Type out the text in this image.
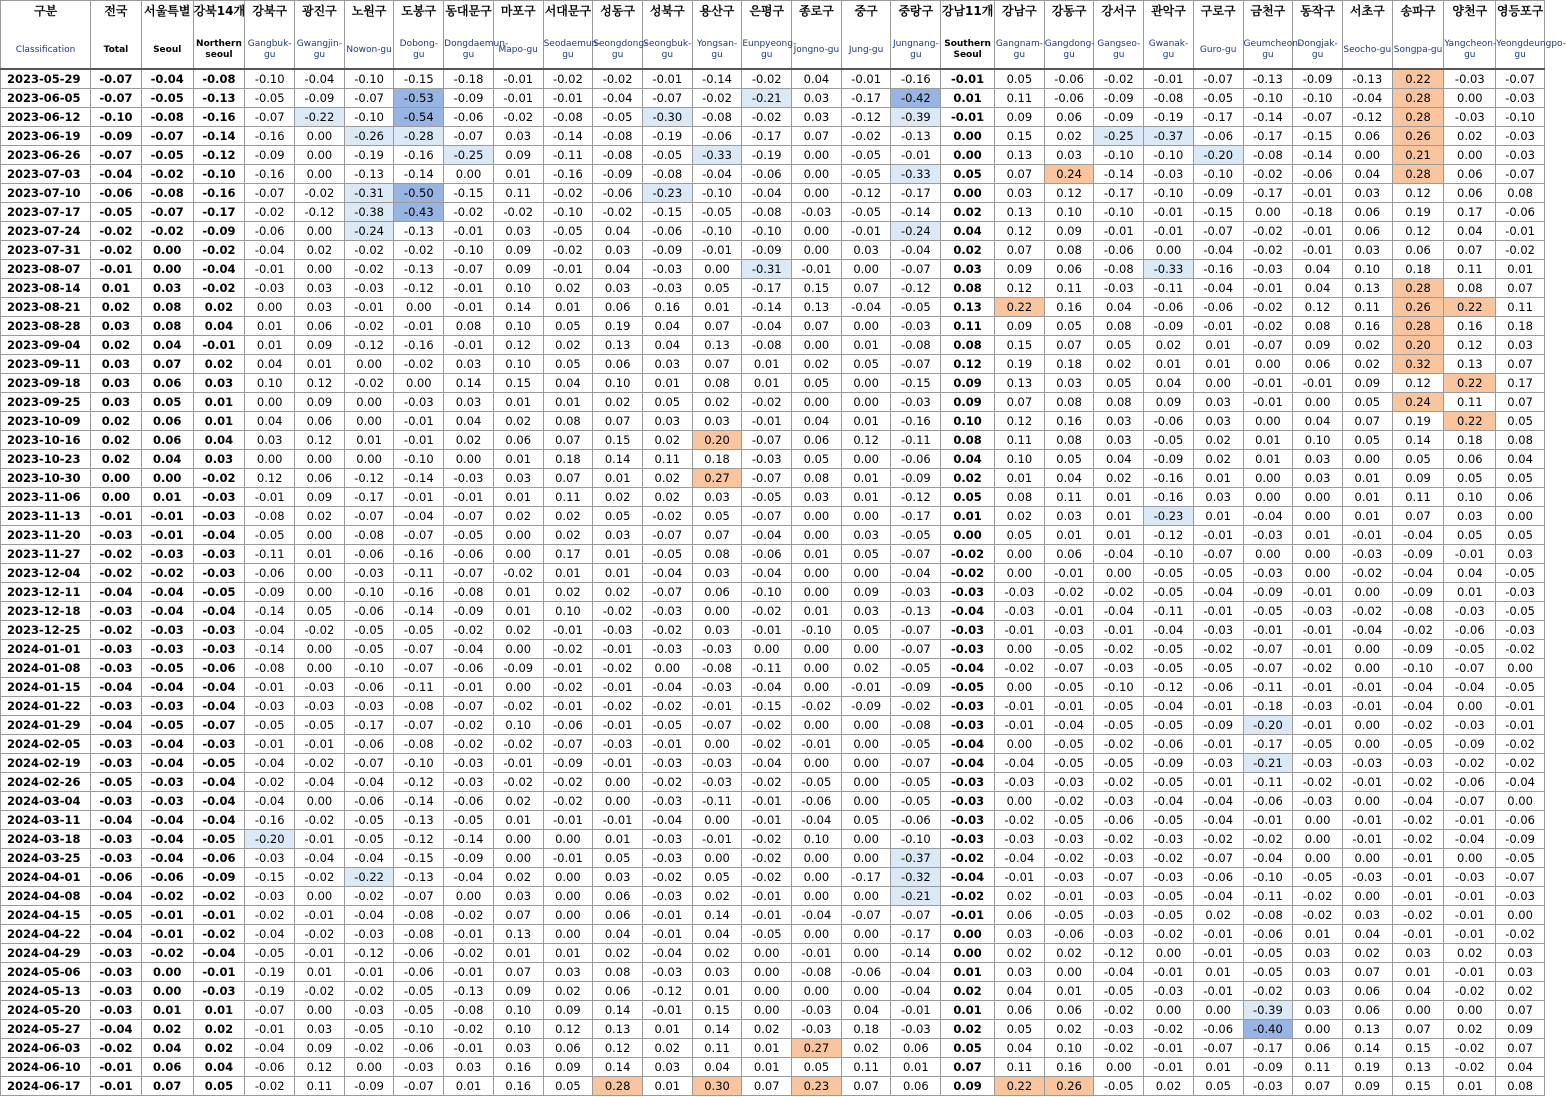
구분	전국	서울특별	강북14개	강북구	광진구	노원구	도봉구	동대문구	마포구	서대문구	성동구	성북구	용산구	은평구	종로구	중구	중랑구	강남11개	강남구	강동구	강서구	관악구	구로구	금천구	동작구	서초구	송파구	양천구	영등포구
Classification	Total	Seoul	Northern seoul	Gangbuk-gu	Gwangjin-gu	Nowon-gu	Dobong-gu	Dongdaemun-gu	Mapo-gu	Seodaemun-gu	Seongdong-gu	Seongbuk-gu	Yongsan-gu	Eunpyeong-gu	Jongno-gu	Jung-gu	Jungnang-gu	Southern Seoul	Gangnam-gu	Gangdong-gu	Gangseo-gu	Gwanak-gu	Guro-gu	Geumcheon-gu	Dongjak-gu	Seocho-gu	Songpa-gu	Yangcheon-gu	Yeongdeungpo-gu
2023-05-29	-0.07	-0.04	-0.08	-0.10	-0.04	-0.10	-0.15	-0.18	-0.01	-0.02	-0.02	-0.01	-0.14	-0.02	0.04	-0.01	-0.16	-0.01	0.05	-0.06	-0.02	-0.01	-0.07	-0.13	-0.09	-0.13	0.22	-0.03	-0.07
2023-06-05	-0.07	-0.05	-0.13	-0.05	-0.09	-0.07	-0.53	-0.09	-0.01	-0.01	-0.04	-0.07	-0.02	-0.21	0.03	-0.17	-0.42	0.01	0.11	-0.06	-0.09	-0.08	-0.05	-0.10	-0.10	-0.04	0.28	0.00	-0.03
2023-06-12	-0.10	-0.08	-0.16	-0.07	-0.22	-0.10	-0.54	-0.06	-0.02	-0.08	-0.05	-0.30	-0.08	-0.02	0.03	-0.12	-0.39	-0.01	0.09	0.06	-0.09	-0.19	-0.17	-0.14	-0.07	-0.12	0.28	-0.03	-0.10
2023-06-19	-0.09	-0.07	-0.14	-0.16	0.00	-0.26	-0.28	-0.07	0.03	-0.14	-0.08	-0.19	-0.06	-0.17	0.07	-0.02	-0.13	0.00	0.15	0.02	-0.25	-0.37	-0.06	-0.17	-0.15	0.06	0.26	0.02	-0.03
2023-06-26	-0.07	-0.05	-0.12	-0.09	0.00	-0.19	-0.16	-0.25	0.09	-0.11	-0.08	-0.05	-0.33	-0.19	0.00	-0.05	-0.01	0.00	0.13	0.03	-0.10	-0.10	-0.20	-0.08	-0.14	0.00	0.21	0.00	-0.03
2023-07-03	-0.04	-0.02	-0.10	-0.16	0.00	-0.13	-0.14	0.00	0.01	-0.16	-0.09	-0.08	-0.04	-0.06	0.00	-0.05	-0.33	0.05	0.07	0.24	-0.14	-0.03	-0.10	-0.02	-0.06	0.04	0.28	0.06	-0.07
2023-07-10	-0.06	-0.08	-0.16	-0.07	-0.02	-0.31	-0.50	-0.15	0.11	-0.02	-0.06	-0.23	-0.10	-0.04	0.00	-0.12	-0.17	0.00	0.03	0.12	-0.17	-0.10	-0.09	-0.17	-0.01	0.03	0.12	0.06	0.08
2023-07-17	-0.05	-0.07	-0.17	-0.02	-0.12	-0.38	-0.43	-0.02	-0.02	-0.10	-0.02	-0.15	-0.05	-0.08	-0.03	-0.05	-0.14	0.02	0.13	0.10	-0.10	-0.01	-0.15	0.00	-0.18	0.06	0.19	0.17	-0.06
2023-07-24	-0.02	-0.02	-0.09	-0.06	0.00	-0.24	-0.13	-0.01	0.03	-0.05	0.04	-0.06	-0.10	-0.10	0.00	-0.01	-0.24	0.04	0.12	0.09	-0.01	-0.01	-0.07	-0.02	-0.01	0.06	0.12	0.04	-0.01
2023-07-31	-0.02	0.00	-0.02	-0.04	0.02	-0.02	-0.02	-0.10	0.09	-0.02	0.03	-0.09	-0.01	-0.09	0.00	0.03	-0.04	0.02	0.07	0.08	-0.06	0.00	-0.04	-0.02	-0.01	0.03	0.06	0.07	-0.02
2023-08-07	-0.01	0.00	-0.04	-0.01	0.00	-0.02	-0.13	-0.07	0.09	-0.01	0.04	-0.03	0.00	-0.31	-0.01	0.00	-0.07	0.03	0.09	0.06	-0.08	-0.33	-0.16	-0.03	0.04	0.10	0.18	0.11	0.01
2023-08-14	0.01	0.03	-0.02	-0.03	0.03	-0.03	-0.12	-0.01	0.10	0.02	0.03	-0.03	0.05	-0.17	0.15	0.07	-0.12	0.08	0.12	0.11	-0.03	-0.11	-0.04	-0.01	0.04	0.13	0.28	0.08	0.07
2023-08-21	0.02	0.08	0.02	0.00	0.03	-0.01	0.00	-0.01	0.14	0.01	0.06	0.16	0.01	-0.14	0.13	-0.04	-0.05	0.13	0.22	0.16	0.04	-0.06	-0.06	-0.02	0.12	0.11	0.26	0.22	0.11
2023-08-28	0.03	0.08	0.04	0.01	0.06	-0.02	-0.01	0.08	0.10	0.05	0.19	0.04	0.07	-0.04	0.07	0.00	-0.03	0.11	0.09	0.05	0.08	-0.09	-0.01	-0.02	0.08	0.16	0.28	0.16	0.18
2023-09-04	0.02	0.04	-0.01	0.01	0.09	-0.12	-0.16	-0.01	0.12	0.02	0.13	0.04	0.13	-0.08	0.00	0.01	-0.08	0.08	0.15	0.07	0.05	0.02	0.01	-0.07	0.09	0.02	0.20	0.12	0.03
2023-09-11	0.03	0.07	0.02	0.04	0.01	0.00	-0.02	0.03	0.10	0.05	0.06	0.03	0.07	0.01	0.02	0.05	-0.07	0.12	0.19	0.18	0.02	0.01	0.01	0.00	0.06	0.02	0.32	0.13	0.07
2023-09-18	0.03	0.06	0.03	0.10	0.12	-0.02	0.00	0.14	0.15	0.04	0.10	0.01	0.08	0.01	0.05	0.00	-0.15	0.09	0.13	0.03	0.05	0.04	0.00	-0.01	-0.01	0.09	0.12	0.22	0.17
2023-09-25	0.03	0.05	0.01	0.00	0.09	0.00	-0.03	0.03	0.01	0.01	0.02	0.05	0.02	-0.02	0.00	0.00	-0.03	0.09	0.07	0.08	0.08	0.09	0.03	-0.01	0.00	0.05	0.24	0.11	0.07
2023-10-09	0.02	0.06	0.01	0.04	0.06	0.00	-0.01	0.04	0.02	0.08	0.07	0.03	0.03	-0.01	0.04	0.01	-0.16	0.10	0.12	0.16	0.03	-0.06	0.03	0.00	0.04	0.07	0.19	0.22	0.05
2023-10-16	0.02	0.06	0.04	0.03	0.12	0.01	-0.01	0.02	0.06	0.07	0.15	0.02	0.20	-0.07	0.06	0.12	-0.11	0.08	0.11	0.08	0.03	-0.05	0.02	0.01	0.10	0.05	0.14	0.18	0.08
2023-10-23	0.02	0.04	0.03	0.00	0.00	0.00	-0.10	0.00	0.01	0.18	0.14	0.11	0.18	-0.03	0.05	0.00	-0.06	0.04	0.10	0.05	0.04	-0.09	0.02	0.01	0.03	0.00	0.05	0.06	0.04
2023-10-30	0.00	0.00	-0.02	0.12	0.06	-0.12	-0.14	-0.03	0.03	0.07	0.01	0.02	0.27	-0.07	0.08	0.01	-0.09	0.02	0.01	0.04	0.02	-0.16	0.01	0.00	0.03	0.01	0.09	0.05	0.05
2023-11-06	0.00	0.01	-0.03	-0.01	0.09	-0.17	-0.01	-0.01	0.01	0.11	0.02	0.02	0.03	-0.05	0.03	0.01	-0.12	0.05	0.08	0.11	0.01	-0.16	0.03	0.00	0.00	0.01	0.11	0.10	0.06
2023-11-13	-0.01	-0.01	-0.03	-0.08	0.02	-0.07	-0.04	-0.07	0.02	0.02	0.05	-0.02	0.05	-0.07	0.00	0.00	-0.17	0.01	0.02	0.03	0.01	-0.23	0.01	-0.04	0.00	0.01	0.07	0.03	0.00
2023-11-20	-0.03	-0.01	-0.04	-0.05	0.00	-0.08	-0.07	-0.05	0.00	0.02	0.03	-0.07	0.07	-0.04	0.00	0.03	-0.05	0.00	0.05	0.01	0.01	-0.12	-0.01	-0.03	0.01	-0.01	-0.04	0.05	0.05
2023-11-27	-0.02	-0.03	-0.03	-0.11	0.01	-0.06	-0.16	-0.06	0.00	0.17	0.01	-0.05	0.08	-0.06	0.01	0.05	-0.07	-0.02	0.00	0.06	-0.04	-0.10	-0.07	0.00	0.00	-0.03	-0.09	-0.01	0.03
2023-12-04	-0.02	-0.02	-0.03	-0.06	0.00	-0.03	-0.11	-0.07	-0.02	0.01	0.01	-0.04	0.03	-0.04	0.00	0.00	-0.04	-0.02	0.00	-0.01	0.00	-0.05	-0.05	-0.03	0.00	-0.02	-0.04	0.04	-0.05
2023-12-11	-0.04	-0.04	-0.05	-0.09	0.00	-0.10	-0.16	-0.08	0.01	0.02	0.02	-0.07	0.06	-0.10	0.00	0.09	-0.03	-0.03	-0.03	-0.02	-0.02	-0.05	-0.04	-0.09	-0.01	0.00	-0.09	0.01	-0.03
2023-12-18	-0.03	-0.04	-0.04	-0.14	0.05	-0.06	-0.14	-0.09	0.01	0.10	-0.02	-0.03	0.00	-0.02	0.01	0.03	-0.13	-0.04	-0.03	-0.01	-0.04	-0.11	-0.01	-0.05	-0.03	-0.02	-0.08	-0.03	-0.05
2023-12-25	-0.02	-0.03	-0.03	-0.04	-0.02	-0.05	-0.05	-0.02	0.02	-0.01	-0.03	-0.02	0.03	-0.01	-0.10	0.05	-0.07	-0.03	-0.01	-0.03	-0.01	-0.04	-0.03	-0.01	-0.01	-0.04	-0.02	-0.06	-0.03
2024-01-01	-0.03	-0.03	-0.03	-0.14	0.00	-0.05	-0.07	-0.04	0.00	-0.02	-0.01	-0.03	-0.03	0.00	0.00	0.00	-0.07	-0.03	0.00	-0.05	-0.02	-0.05	-0.02	-0.07	-0.01	0.00	-0.09	-0.05	-0.02
2024-01-08	-0.03	-0.05	-0.06	-0.08	0.00	-0.10	-0.07	-0.06	-0.09	-0.01	-0.02	0.00	-0.08	-0.11	0.00	0.02	-0.05	-0.04	-0.02	-0.07	-0.03	-0.05	-0.05	-0.07	-0.02	0.00	-0.10	-0.07	0.00
2024-01-15	-0.04	-0.04	-0.04	-0.01	-0.03	-0.06	-0.11	-0.01	0.00	-0.02	-0.01	-0.04	-0.03	-0.04	0.00	-0.01	-0.09	-0.05	0.00	-0.05	-0.10	-0.12	-0.06	-0.11	-0.01	-0.01	-0.04	-0.04	-0.05
2024-01-22	-0.03	-0.03	-0.04	-0.03	-0.03	-0.03	-0.08	-0.07	-0.02	-0.01	-0.02	-0.02	-0.01	-0.15	-0.02	-0.09	-0.02	-0.03	-0.01	-0.01	-0.05	-0.04	-0.01	-0.18	-0.03	-0.01	-0.04	0.00	-0.01
2024-01-29	-0.04	-0.05	-0.07	-0.05	-0.05	-0.17	-0.07	-0.02	0.10	-0.06	-0.01	-0.05	-0.07	-0.02	0.00	0.00	-0.08	-0.03	-0.01	-0.04	-0.05	-0.05	-0.09	-0.20	-0.01	0.00	-0.02	-0.03	-0.01
2024-02-05	-0.03	-0.04	-0.03	-0.01	-0.01	-0.06	-0.08	-0.02	-0.02	-0.07	-0.03	-0.01	0.00	-0.02	-0.01	0.00	-0.05	-0.04	0.00	-0.05	-0.02	-0.06	-0.01	-0.17	-0.05	0.00	-0.05	-0.09	-0.02
2024-02-19	-0.03	-0.04	-0.05	-0.04	-0.02	-0.07	-0.10	-0.03	-0.01	-0.09	-0.01	-0.03	-0.03	-0.04	0.00	0.00	-0.07	-0.04	-0.04	-0.05	-0.05	-0.09	-0.03	-0.21	-0.03	-0.03	-0.03	-0.02	-0.02
2024-02-26	-0.05	-0.03	-0.04	-0.02	-0.04	-0.04	-0.12	-0.03	-0.02	-0.02	0.00	-0.02	-0.03	-0.02	-0.05	0.00	-0.05	-0.03	-0.03	-0.03	-0.02	-0.05	-0.01	-0.11	-0.02	-0.01	-0.02	-0.06	-0.04
2024-03-04	-0.03	-0.03	-0.04	-0.04	0.00	-0.06	-0.14	-0.06	0.02	-0.02	0.00	-0.03	-0.11	-0.01	-0.06	0.00	-0.05	-0.03	0.00	-0.02	-0.03	-0.04	-0.04	-0.06	-0.03	0.00	-0.04	-0.07	0.00
2024-03-11	-0.04	-0.04	-0.04	-0.16	-0.02	-0.05	-0.13	-0.05	0.01	-0.01	-0.01	-0.04	0.00	-0.01	-0.04	0.05	-0.06	-0.03	-0.02	-0.05	-0.06	-0.05	-0.04	-0.01	0.00	-0.01	-0.02	-0.01	-0.06
2024-03-18	-0.03	-0.04	-0.05	-0.20	-0.01	-0.05	-0.12	-0.14	0.00	0.00	0.01	-0.03	-0.01	-0.02	0.10	0.00	-0.10	-0.03	-0.03	-0.03	-0.02	-0.03	-0.02	-0.02	0.00	-0.01	-0.02	-0.04	-0.09
2024-03-25	-0.03	-0.04	-0.06	-0.03	-0.04	-0.04	-0.15	-0.09	0.00	-0.01	0.05	-0.03	0.00	-0.02	0.00	0.00	-0.37	-0.02	-0.04	-0.02	-0.03	-0.02	-0.07	-0.04	0.00	0.00	-0.01	0.00	-0.05
2024-04-01	-0.06	-0.06	-0.09	-0.15	-0.02	-0.22	-0.13	-0.04	0.02	0.00	0.03	-0.02	0.05	-0.02	0.00	-0.17	-0.32	-0.04	-0.01	-0.03	-0.07	-0.03	-0.06	-0.10	-0.05	-0.03	-0.01	-0.03	-0.07
2024-04-08	-0.04	-0.02	-0.02	-0.03	0.00	-0.02	-0.07	0.00	0.03	0.00	0.06	-0.03	0.02	-0.01	0.00	0.00	-0.21	-0.02	0.02	-0.01	-0.03	-0.05	-0.04	-0.11	-0.02	0.00	-0.01	-0.01	-0.03
2024-04-15	-0.05	-0.01	-0.01	-0.02	-0.01	-0.04	-0.08	-0.02	0.07	0.00	0.06	-0.01	0.14	-0.01	-0.04	-0.07	-0.07	-0.01	0.06	-0.05	-0.03	-0.05	0.02	-0.08	-0.02	0.03	-0.02	-0.01	0.00
2024-04-22	-0.04	-0.01	-0.02	-0.04	-0.02	-0.03	-0.08	-0.01	0.13	0.00	0.04	-0.01	0.04	-0.05	0.00	0.00	-0.17	0.00	0.03	-0.06	-0.03	-0.02	-0.01	-0.06	0.01	0.04	-0.01	-0.01	-0.02
2024-04-29	-0.03	-0.02	-0.04	-0.05	-0.01	-0.12	-0.06	-0.02	0.01	0.01	0.02	-0.04	0.02	0.00	-0.01	0.00	-0.14	0.00	0.02	0.02	-0.12	0.00	-0.01	-0.05	0.03	0.02	0.03	0.02	0.03
2024-05-06	-0.03	0.00	-0.01	-0.19	0.01	-0.01	-0.06	-0.01	0.07	0.03	0.08	-0.03	0.03	0.00	-0.08	-0.06	-0.04	0.01	0.03	0.00	-0.04	-0.01	0.01	-0.05	0.03	0.07	0.01	-0.01	0.03
2024-05-13	-0.03	0.00	-0.03	-0.19	-0.02	-0.02	-0.05	-0.13	0.09	0.02	0.06	-0.12	0.01	0.00	0.00	0.00	-0.04	0.02	0.04	0.01	-0.05	-0.03	-0.01	-0.02	0.03	0.06	0.04	-0.02	0.02
2024-05-20	-0.03	0.01	0.01	-0.07	0.00	-0.03	-0.05	-0.08	0.10	0.09	0.14	-0.01	0.15	0.00	-0.03	0.04	-0.01	0.01	0.06	0.06	-0.02	0.00	0.00	-0.39	0.03	0.06	0.00	0.00	0.07
2024-05-27	-0.04	0.02	0.02	-0.01	0.03	-0.05	-0.10	-0.02	0.10	0.12	0.13	0.01	0.14	0.02	-0.03	0.18	-0.03	0.02	0.05	0.02	-0.03	-0.02	-0.06	-0.40	0.00	0.13	0.07	0.02	0.09
2024-06-03	-0.02	0.04	0.02	-0.04	0.09	-0.02	-0.06	-0.01	0.03	0.06	0.12	0.02	0.11	0.01	0.27	0.02	0.06	0.05	0.04	0.10	-0.02	-0.01	-0.07	-0.17	0.06	0.14	0.15	-0.02	0.07
2024-06-10	-0.01	0.06	0.04	-0.06	0.12	0.00	-0.03	0.03	0.16	0.09	0.14	0.03	0.04	0.01	0.05	0.11	0.01	0.07	0.11	0.16	0.00	-0.01	0.01	-0.09	0.11	0.19	0.13	-0.02	0.04
2024-06-17	-0.01	0.07	0.05	-0.02	0.11	-0.09	-0.07	0.01	0.16	0.05	0.28	0.01	0.30	0.07	0.23	0.07	0.06	0.09	0.22	0.26	-0.05	0.02	0.05	-0.03	0.07	0.09	0.15	0.01	0.08
